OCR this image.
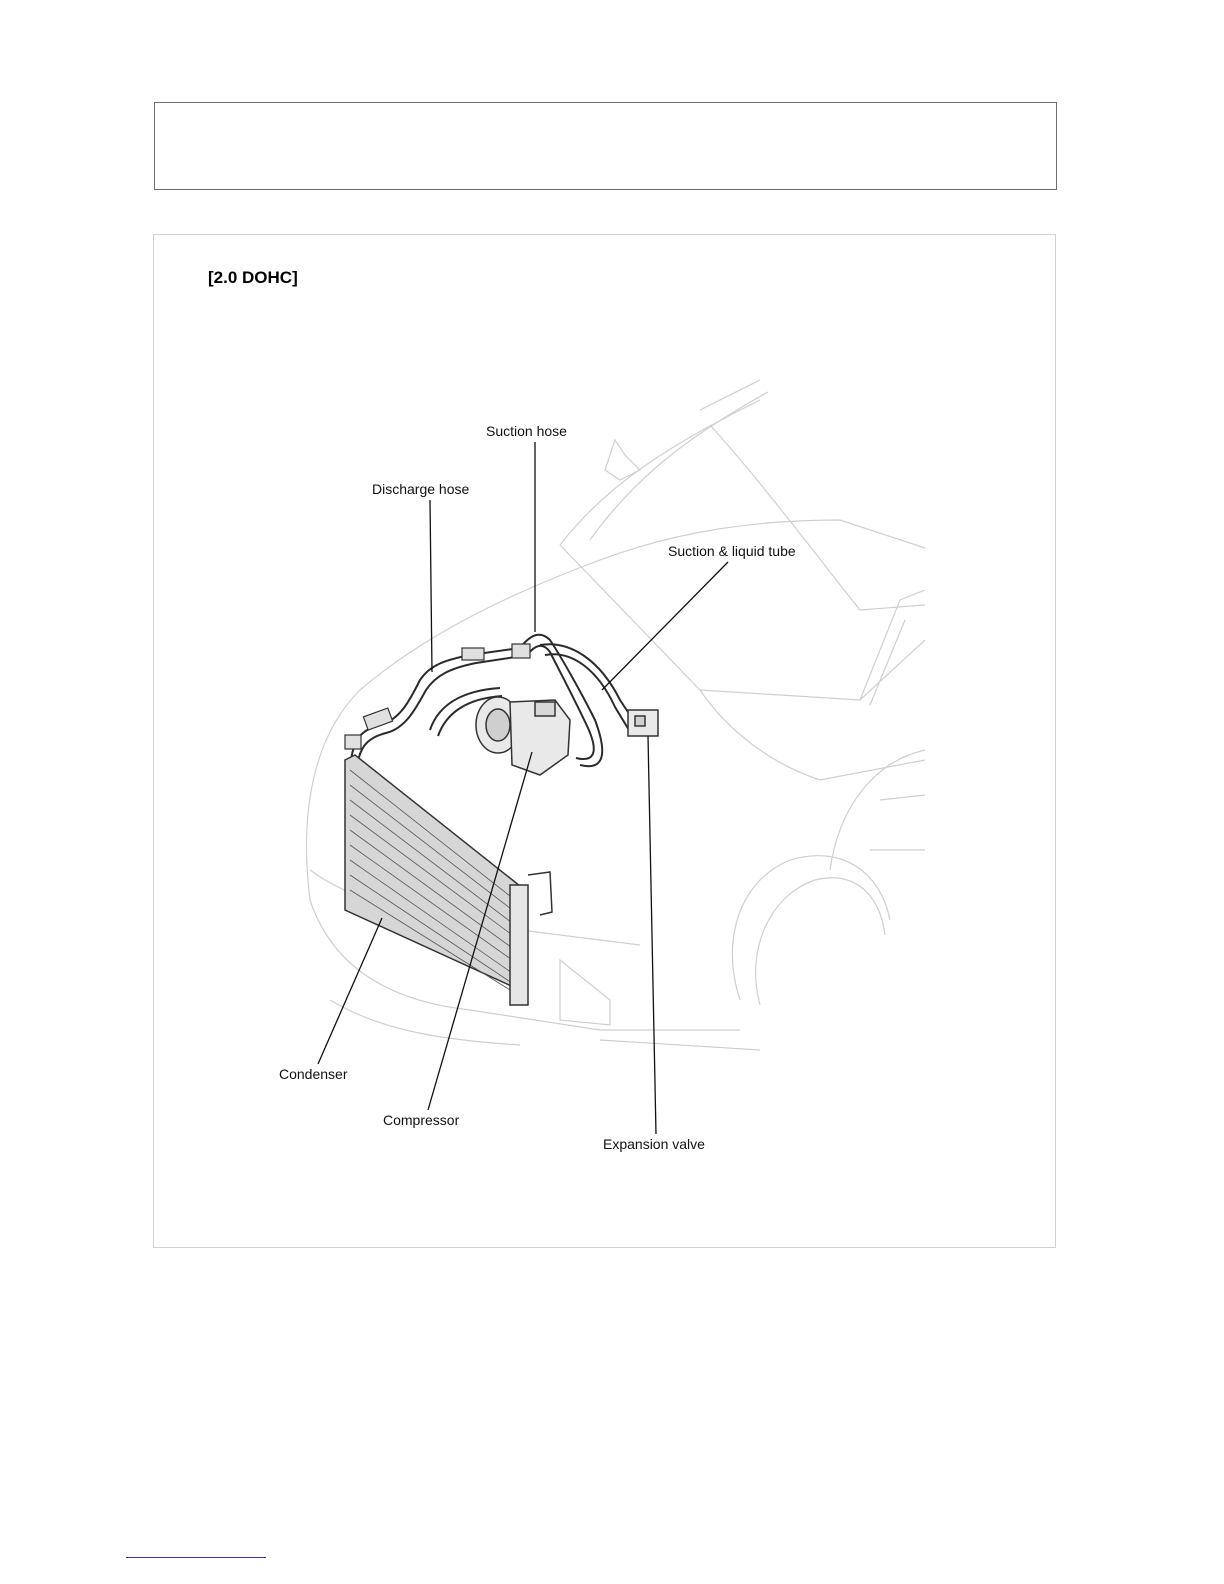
[2.0 DOHC]
Suction hose
Discharge hose
Suction & liquid tube
Condenser
Compressor
Expansion valve
